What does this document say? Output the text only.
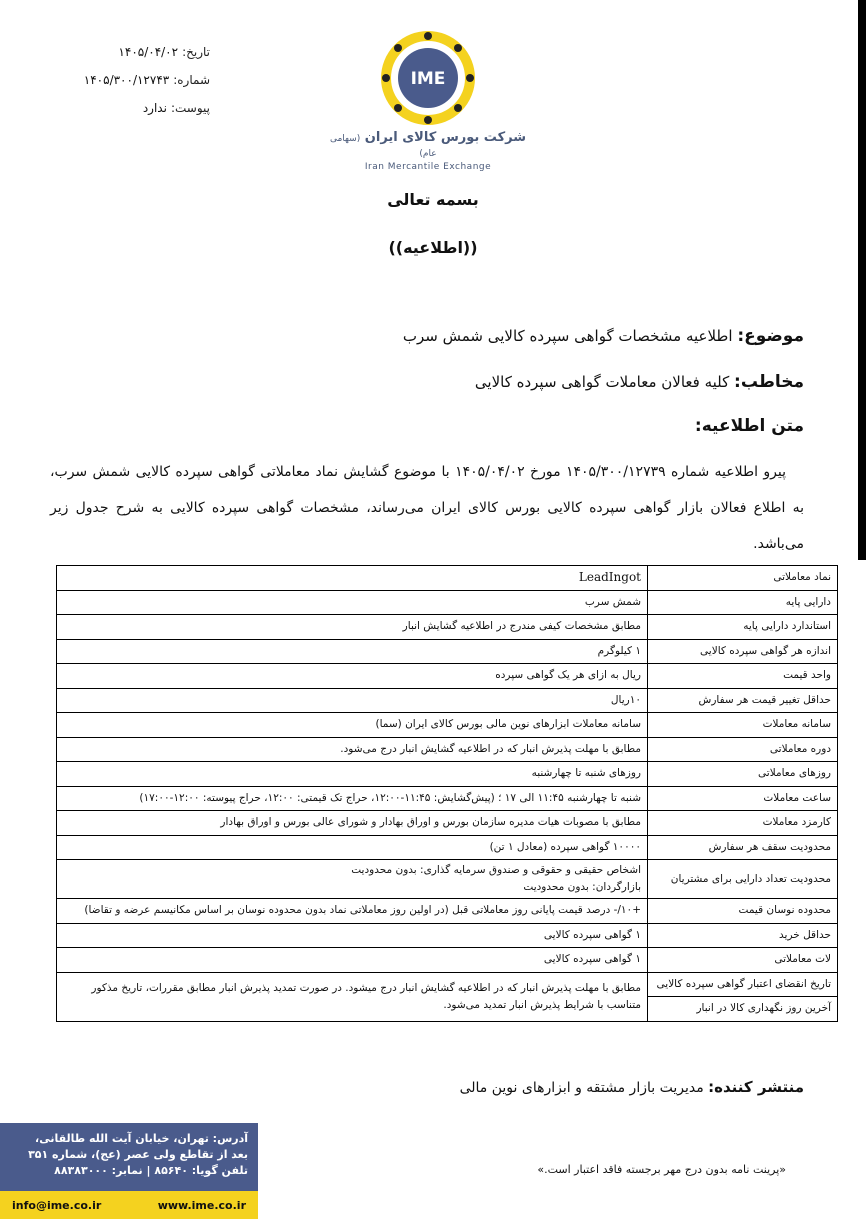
تاریخ:
۱۴۰۵/۰۴/۰۲
شماره:
۱۴۰۵/۳۰۰/۱۲۷۴۳
پیوست:
ندارد
IME
شرکت بورس کالای ایران (سهامی عام)
Iran Mercantile Exchange
بسمه تعالی
((اطلاعیه))
موضوع: اطلاعیه مشخصات گواهی سپرده کالایی شمش سرب
مخاطب: کلیه فعالان معاملات گواهی سپرده کالایی
متن اطلاعیه:

پیرو اطلاعیه شماره ۱۴۰۵/۳۰۰/۱۲۷۳۹ مورخ ۱۴۰۵/۰۴/۰۲ با موضوع گشایش نماد معاملاتی گواهی سپرده کالایی شمش سرب، به اطلاع فعالان بازار گواهی سپرده کالایی بورس کالای ایران می‌رساند، مشخصات گواهی سپرده کالایی به شرح جدول زیر می‌باشد.

نماد معاملاتی	LeadIngot
دارایی پایه	شمش سرب
استاندارد دارایی پایه	مطابق مشخصات کیفی مندرج در اطلاعیه گشایش انبار
اندازه هر گواهی سپرده کالایی	۱ کیلوگرم
واحد قیمت	ریال به ازای هر یک گواهی سپرده
حداقل تغییر قیمت هر سفارش	۱۰ریال
سامانه معاملات	سامانه معاملات ابزارهای نوین مالی بورس کالای ایران (سما)
دوره معاملاتی	مطابق با مهلت پذیرش انبار که در اطلاعیه گشایش انبار درج می‌شود.
روزهای معاملاتی	روزهای شنبه تا چهارشنبه
ساعت معاملات	شنبه تا چهارشنبه ۱۱:۴۵ الی ۱۷ ؛ (پیش‌گشایش: ۱۱:۴۵-۱۲:۰۰، حراج تک قیمتی: ۱۲:۰۰، حراج پیوسته: ۱۲:۰۰-۱۷:۰۰)
کارمزد معاملات	مطابق با مصوبات هیات مدیره سازمان بورس و اوراق بهادار و شورای عالی بورس و اوراق بهادار
محدودیت سقف هر سفارش	۱۰۰۰۰ گواهی سپرده (معادل ۱ تن)
محدودیت تعداد دارایی برای مشتریان	اشخاص حقیقی و حقوقی و صندوق سرمایه گذاری: بدون محدودیت
بازارگردان: بدون محدودیت

محدوده نوسان قیمت	+۱۰/- درصد قیمت پایانی روز معاملاتی قبل (در اولین روز معاملاتی نماد بدون محدوده نوسان بر اساس مکانیسم عرضه و تقاضا)
حداقل خرید	۱ گواهی سپرده کالایی
لات معاملاتی	۱ گواهی سپرده کالایی
تاریخ انقضای اعتبار گواهی سپرده کالایی	مطابق با مهلت پذیرش انبار که در اطلاعیه گشایش انبار درج میشود. در صورت تمدید پذیرش انبار مطابق مقررات، تاریخ مذکور متناسب با شرایط پذیرش انبار تمدید می‌شود.
آخرین روز نگهداری کالا در انبار	
منتشر کننده: مدیریت بازار مشتقه و ابزارهای نوین مالی
آدرس: تهران، خیابان آیت الله طالقانی،
بعد از تقاطع ولی عصر (عج)، شماره ۳۵۱
تلفن گویا: ۸۵۶۴۰ | نمابر: ۸۸۳۸۳۰۰۰
info@ime.co.ir	www.ime.co.ir
«پرینت نامه بدون درج مهر برجسته فاقد اعتبار است.»
